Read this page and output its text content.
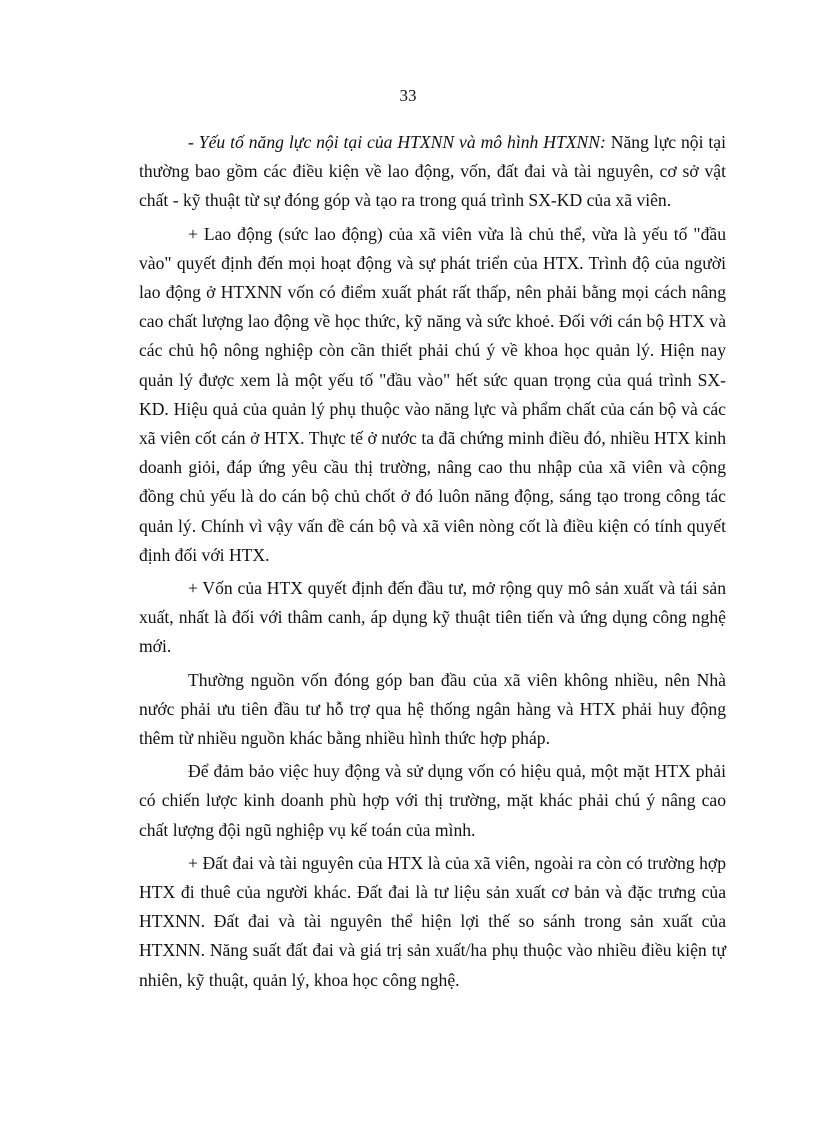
33

- Yếu tố năng lực nội tại của HTXNN và mô hình HTXNN: Năng lực nội tại thường bao gồm các điều kiện về lao động, vốn, đất đai và tài nguyên, cơ sở vật chất - kỹ thuật từ sự đóng góp và tạo ra trong quá trình SX-KD của xã viên.

+ Lao động (sức lao động) của xã viên vừa là chủ thể, vừa là yếu tố "đầu vào" quyết định đến mọi hoạt động và sự phát triển của HTX. Trình độ của người lao động ở HTXNN vốn có điểm xuất phát rất thấp, nên phải bằng mọi cách nâng cao chất lượng lao động về học thức, kỹ năng và sức khoẻ. Đối với cán bộ HTX và các chủ hộ nông nghiệp còn cần thiết phải chú ý về khoa học quản lý. Hiện nay quản lý được xem là một yếu tố "đầu vào" hết sức quan trọng của quá trình SX-KD. Hiệu quả của quản lý phụ thuộc vào năng lực và phẩm chất của cán bộ và các xã viên cốt cán ở HTX. Thực tế ở nước ta đã chứng minh điều đó, nhiều HTX kinh doanh giỏi, đáp ứng yêu cầu thị trường, nâng cao thu nhập của xã viên và cộng đồng chủ yếu là do cán bộ chủ chốt ở đó luôn năng động, sáng tạo trong công tác quản lý. Chính vì vậy vấn đề cán bộ và xã viên nòng cốt là điều kiện có tính quyết định đối với HTX.

+ Vốn của HTX quyết định đến đầu tư, mở rộng quy mô sản xuất và tái sản xuất, nhất là đối với thâm canh, áp dụng kỹ thuật tiên tiến và ứng dụng công nghệ mới.

Thường nguồn vốn đóng góp ban đầu của xã viên không nhiều, nên Nhà nước phải ưu tiên đầu tư hỗ trợ qua hệ thống ngân hàng và HTX phải huy động thêm từ nhiều nguồn khác bằng nhiều hình thức hợp pháp.

Để đảm bảo việc huy động và sử dụng vốn có hiệu quả, một mặt HTX phải có chiến lược kinh doanh phù hợp với thị trường, mặt khác phải chú ý nâng cao chất lượng đội ngũ nghiệp vụ kế toán của mình.

+ Đất đai và tài nguyên của HTX là của xã viên, ngoài ra còn có trường hợp HTX đi thuê của người khác. Đất đai là tư liệu sản xuất cơ bản và đặc trưng của HTXNN. Đất đai và tài nguyên thể hiện lợi thế so sánh trong sản xuất của HTXNN. Năng suất đất đai và giá trị sản xuất/ha phụ thuộc vào nhiều điều kiện tự nhiên, kỹ thuật, quản lý, khoa học công nghệ.
